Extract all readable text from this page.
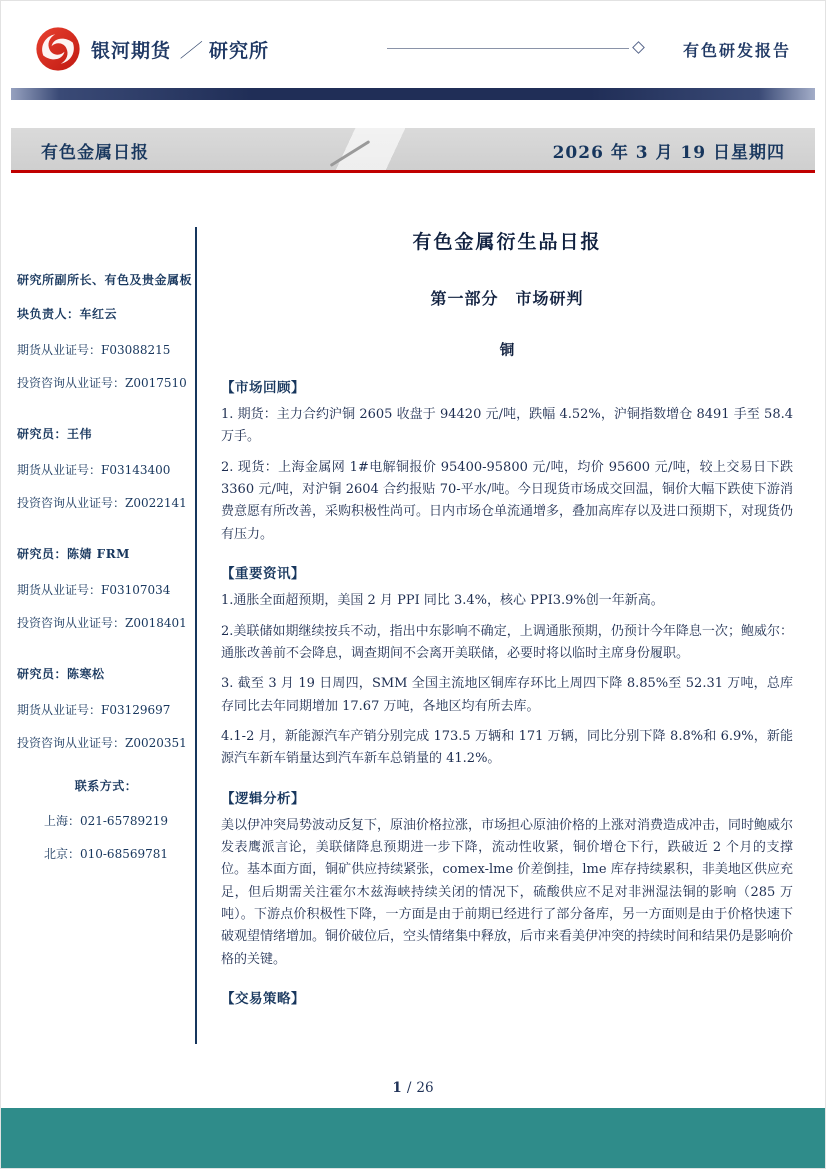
银河期货 ／ 研究所	有色研发报告
有色金属日报	2026 年 3 月 19 日星期四
研究所副所长、有色及贵金属板块负责人：车红云
期货从业证号：F03088215
投资咨询从业证号：Z0017510
研究员：王伟
期货从业证号：F03143400
投资咨询从业证号：Z0022141
研究员：陈婧 FRM
期货从业证号：F03107034
投资咨询从业证号：Z0018401
研究员：陈寒松
期货从业证号：F03129697
投资咨询从业证号：Z0020351
联系方式：
上海：021-65789219
北京：010-68569781
有色金属衍生品日报
第一部分　市场研判
铜
【市场回顾】

1. 期货：主力合约沪铜 2605 收盘于 94420 元/吨，跌幅 4.52%，沪铜指数增仓 8491 手至 58.4 万手。

2. 现货：上海金属网 1#电解铜报价 95400-95800 元/吨，均价 95600 元/吨，较上交易日下跌 3360 元/吨，对沪铜 2604 合约报贴 70-平水/吨。今日现货市场成交回温，铜价大幅下跌使下游消费意愿有所改善，采购积极性尚可。日内市场仓单流通增多，叠加高库存以及进口预期下，对现货仍有压力。

【重要资讯】

1.通胀全面超预期，美国 2 月 PPI 同比 3.4%，核心 PPI3.9%创一年新高。

2.美联储如期继续按兵不动，指出中东影响不确定，上调通胀预期，仍预计今年降息一次；鲍威尔：通胀改善前不会降息，调查期间不会离开美联储，必要时将以临时主席身份履职。

3. 截至 3 月 19 日周四，SMM 全国主流地区铜库存环比上周四下降 8.85%至 52.31 万吨，总库存同比去年同期增加 17.67 万吨，各地区均有所去库。

4.1-2 月，新能源汽车产销分别完成 173.5 万辆和 171 万辆，同比分别下降 8.8%和 6.9%，新能源汽车新车销量达到汽车新车总销量的 41.2%。

【逻辑分析】

美以伊冲突局势波动反复下，原油价格拉涨，市场担心原油价格的上涨对消费造成冲击，同时鲍威尔发表鹰派言论，美联储降息预期进一步下降，流动性收紧，铜价增仓下行，跌破近 2 个月的支撑位。基本面方面，铜矿供应持续紧张，comex-lme 价差倒挂，lme 库存持续累积，非美地区供应充足，但后期需关注霍尔木兹海峡持续关闭的情况下，硫酸供应不足对非洲湿法铜的影响（285 万吨）。下游点价积极性下降，一方面是由于前期已经进行了部分备库，另一方面则是由于价格快速下破观望情绪增加。铜价破位后，空头情绪集中释放，后市来看美伊冲突的持续时间和结果仍是影响价格的关键。

【交易策略】
1 / 26
